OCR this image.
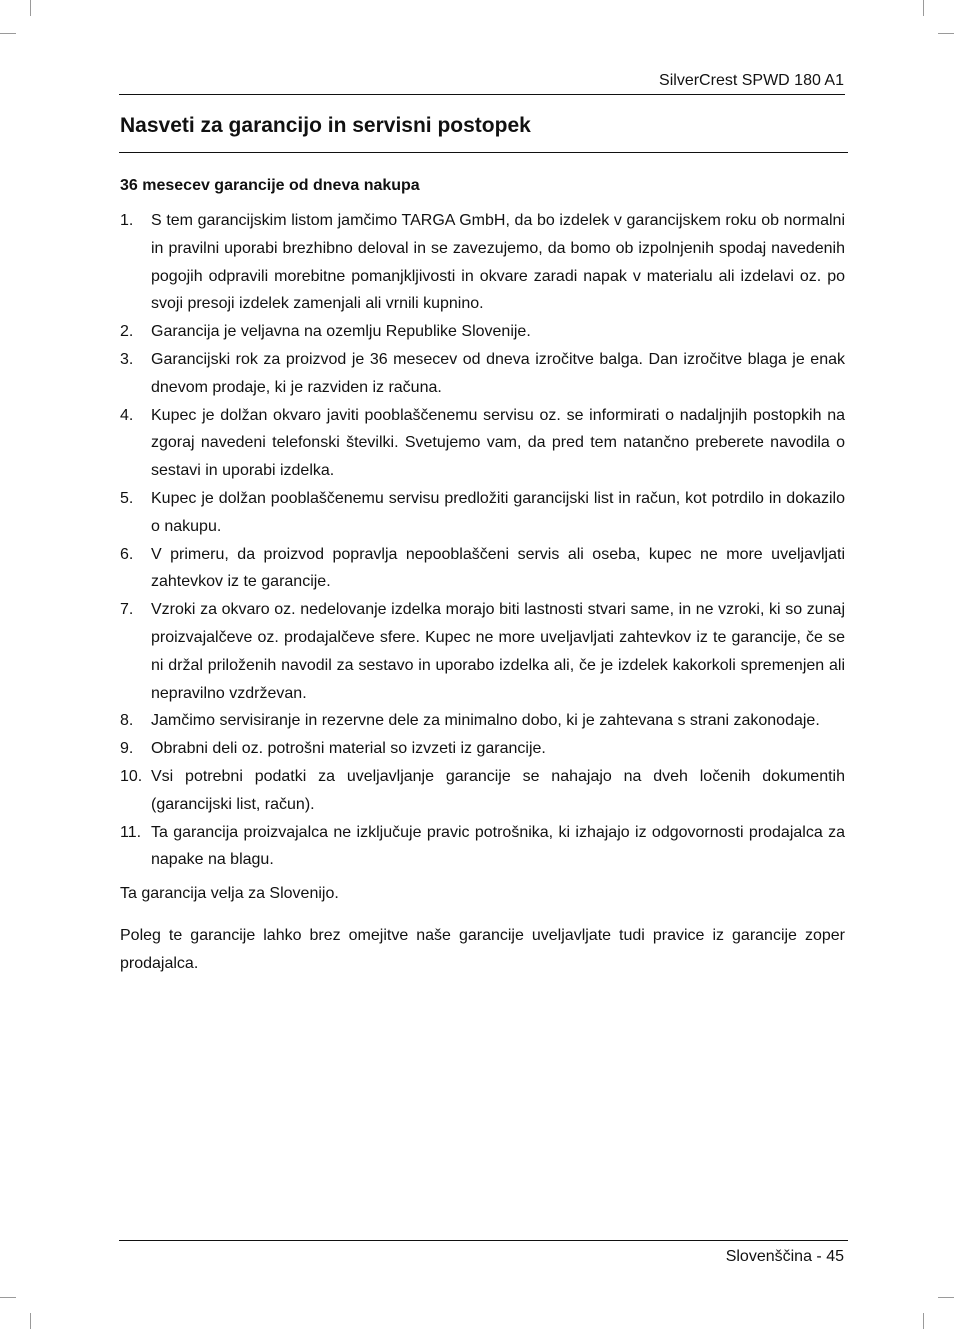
SilverCrest SPWD 180 A1
Nasveti za garancijo in servisni postopek

36 mesecev garancije od dneva nakupa

1.	S tem garancijskim listom jamčimo TARGA GmbH, da bo izdelek v garancijskem roku ob normalni in pravilni uporabi brezhibno deloval in se zavezujemo, da bomo ob izpolnjenih spodaj navedenih pogojih odpravili morebitne pomanjkljivosti in okvare zaradi napak v materialu ali izdelavi oz. po svoji presoji izdelek zamenjali ali vrnili kupnino.
2.	Garancija je veljavna na ozemlju Republike Slovenije.
3.	Garancijski rok za proizvod je 36 mesecev od dneva izročitve balga. Dan izročitve blaga je enak dnevom prodaje, ki je razviden iz računa.
4.	Kupec je dolžan okvaro javiti pooblaščenemu servisu oz. se informirati o nadaljnjih postopkih na zgoraj navedeni telefonski številki. Svetujemo vam, da pred tem natančno preberete navodila o sestavi in uporabi izdelka.
5.	Kupec je dolžan pooblaščenemu servisu predložiti garancijski list in račun, kot potrdilo in dokazilo o nakupu.
6.	V primeru, da proizvod popravlja nepooblaščeni servis ali oseba, kupec ne more uveljavljati zahtevkov iz te garancije.
7.	Vzroki za okvaro oz. nedelovanje izdelka morajo biti lastnosti stvari same, in ne vzroki, ki so zunaj proizvajalčeve oz. prodajalčeve sfere. Kupec ne more uveljavljati zahtevkov iz te garancije, če se ni držal priloženih navodil za sestavo in uporabo izdelka ali, če je izdelek kakorkoli spremenjen ali nepravilno vzdrževan.
8.	Jamčimo servisiranje in rezervne dele za minimalno dobo, ki je zahtevana s strani zakonodaje.
9.	Obrabni deli oz. potrošni material so izvzeti iz garancije.
10. Vsi potrebni podatki za uveljavljanje garancije se nahajajo na dveh ločenih dokumentih (garancijski list, račun).
11. Ta garancija proizvajalca ne izključuje pravic potrošnika, ki izhajajo iz odgovornosti prodajalca za napake na blagu.

Ta garancija velja za Slovenijo.

Poleg te garancije lahko brez omejitve naše garancije uveljavljate tudi pravice iz garancije zoper prodajalca.

Slovenščina - 45
